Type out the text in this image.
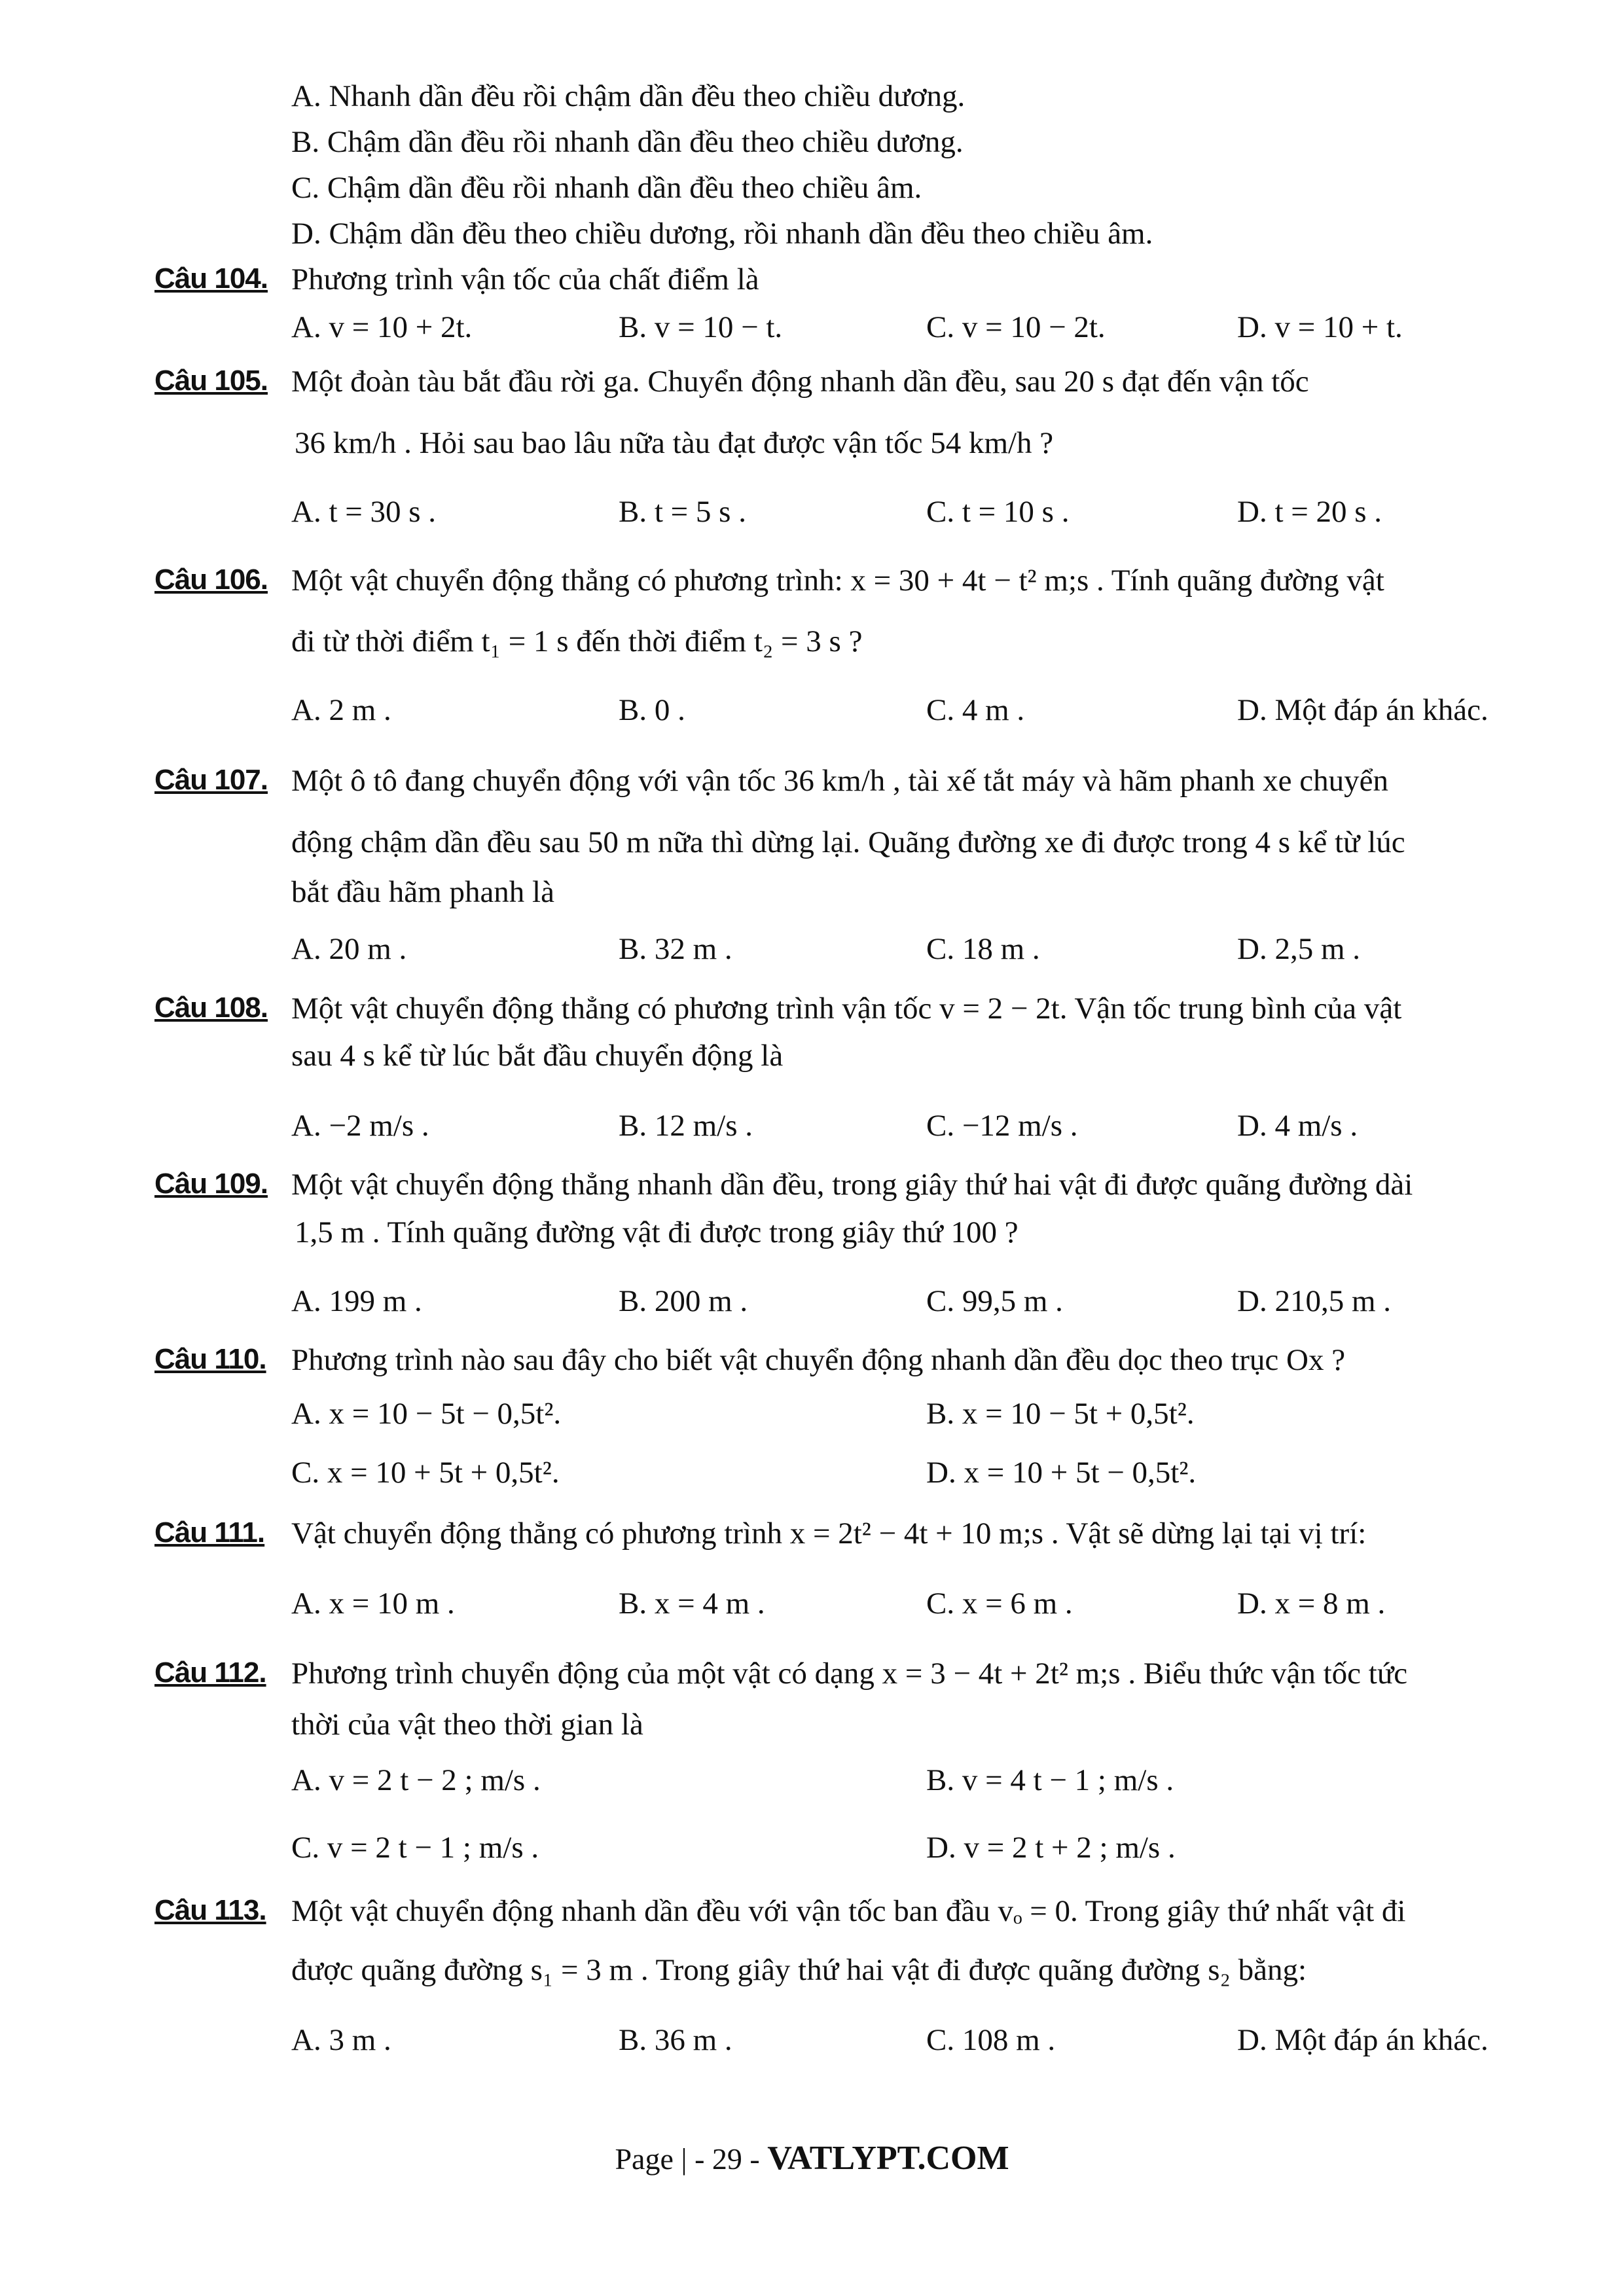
A. Nhanh dần đều rồi chậm dần đều theo chiều dương.
B. Chậm dần đều rồi nhanh dần đều theo chiều dương.
C. Chậm dần đều rồi nhanh dần đều theo chiều âm.
D. Chậm dần đều theo chiều dương, rồi nhanh dần đều theo chiều âm.
Câu 104. Phương trình vận tốc của chất điểm là
A. v = 10 + 2t.	B. v = 10 − t.	C. v = 10 − 2t.	D. v = 10 + t.
Câu 105. Một đoàn tàu bắt đầu rời ga. Chuyển động nhanh dần đều, sau 20 s đạt đến vận tốc
36 km/h . Hỏi sau bao lâu nữa tàu đạt được vận tốc 54 km/h ?
A. t = 30 s .	B. t = 5 s .	C. t = 10 s .	D. t = 20 s .
Câu 106. Một vật chuyển động thẳng có phương trình: x = 30 + 4t − t² m;s . Tính quãng đường vật
đi từ thời điểm t₁ = 1 s đến thời điểm t₂ = 3 s ?
A. 2 m .	B. 0 .	C. 4 m .	D. Một đáp án khác.
Câu 107. Một ô tô đang chuyển động với vận tốc 36 km/h , tài xế tắt máy và hãm phanh xe chuyển
động chậm dần đều sau 50 m nữa thì dừng lại. Quãng đường xe đi được trong 4 s kể từ lúc
bắt đầu hãm phanh là
A. 20 m .	B. 32 m .	C. 18 m .	D. 2,5 m .
Câu 108. Một vật chuyển động thẳng có phương trình vận tốc v = 2 − 2t. Vận tốc trung bình của vật
sau 4 s kể từ lúc bắt đầu chuyển động là
A. −2 m/s .	B. 12 m/s .	C. −12 m/s .	D. 4 m/s .
Câu 109. Một vật chuyển động thẳng nhanh dần đều, trong giây thứ hai vật đi được quãng đường dài
1,5 m . Tính quãng đường vật đi được trong giây thứ 100 ?
A. 199 m .	B. 200 m .	C. 99,5 m .	D. 210,5 m .
Câu 110. Phương trình nào sau đây cho biết vật chuyển động nhanh dần đều dọc theo trục Ox ?
A. x = 10 − 5t − 0,5t².	B. x = 10 − 5t + 0,5t².
C. x = 10 + 5t + 0,5t².	D. x = 10 + 5t − 0,5t².
Câu 111. Vật chuyển động thẳng có phương trình x = 2t² − 4t + 10 m;s . Vật sẽ dừng lại tại vị trí:
A. x = 10 m .	B. x = 4 m .	C. x = 6 m .	D. x = 8 m .
Câu 112. Phương trình chuyển động của một vật có dạng x = 3 − 4t + 2t² m;s . Biểu thức vận tốc tức
thời của vật theo thời gian là
A. v = 2 t − 2 ; m/s .	B. v = 4 t − 1 ; m/s .
C. v = 2 t − 1 ; m/s .	D. v = 2 t + 2 ; m/s .
Câu 113. Một vật chuyển động nhanh dần đều với vận tốc ban đầu vₒ = 0. Trong giây thứ nhất vật đi
được quãng đường s₁ = 3 m . Trong giây thứ hai vật đi được quãng đường s₂ bằng:
A. 3 m .	B. 36 m .	C. 108 m .	D. Một đáp án khác.
Page | - 29 - VATLYPT.COM
